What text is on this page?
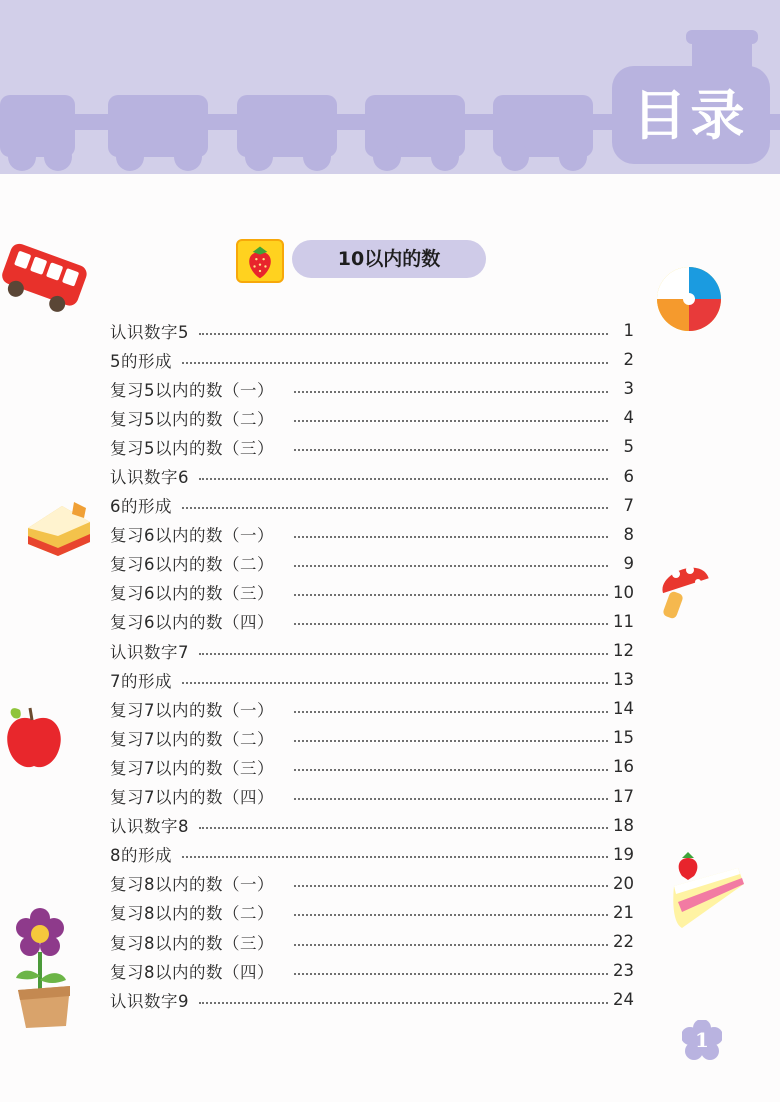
目录
10以内的数
认识数字5	1
5的形成	2
复习5以内的数（一）	3
复习5以内的数（二）	4
复习5以内的数（三）	5
认识数字6	6
6的形成	7
复习6以内的数（一）	8
复习6以内的数（二）	9
复习6以内的数（三）	10
复习6以内的数（四）	11
认识数字7	12
7的形成	13
复习7以内的数（一）	14
复习7以内的数（二）	15
复习7以内的数（三）	16
复习7以内的数（四）	17
认识数字8	18
8的形成	19
复习8以内的数（一）	20
复习8以内的数（二）	21
复习8以内的数（三）	22
复习8以内的数（四）	23
认识数字9	24
1
